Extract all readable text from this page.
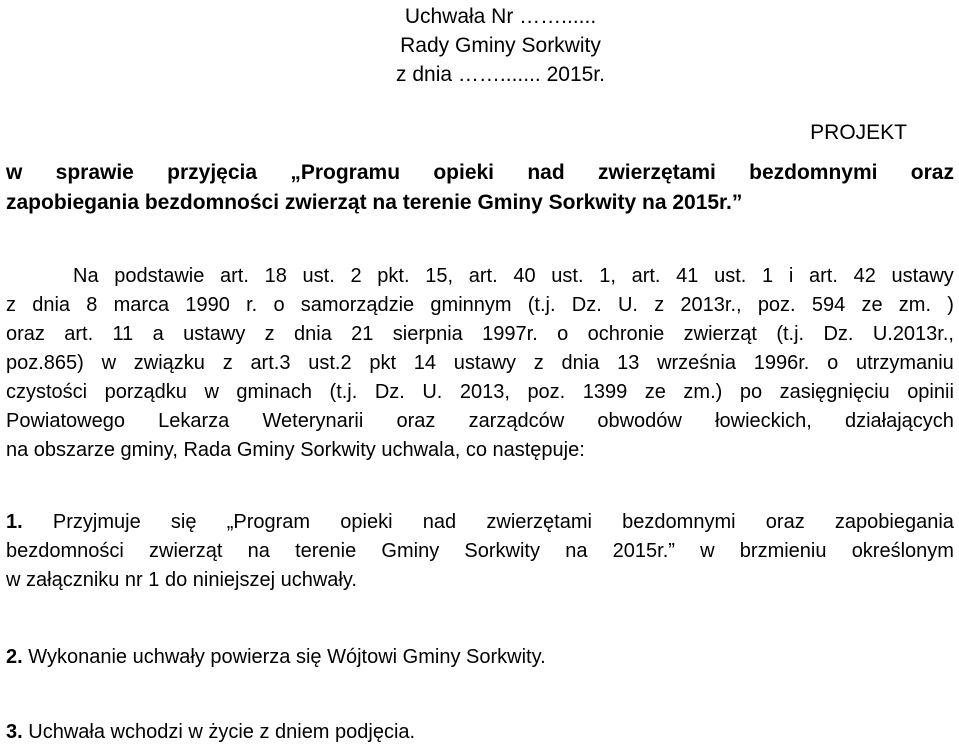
Uchwała Nr ……......
Rady Gminy Sorkwity
z dnia ……....... 2015r.
PROJEKT
w sprawie przyjęcia „Programu opieki nad zwierzętami bezdomnymi oraz
zapobiegania bezdomności zwierząt na terenie Gminy Sorkwity na 2015r.”
Na podstawie art. 18 ust. 2 pkt. 15, art. 40 ust. 1, art. 41 ust. 1 i art. 42 ustawy
z dnia 8 marca 1990 r. o samorządzie gminnym (t.j. Dz. U. z 2013r., poz. 594 ze zm. )
oraz art. 11 a ustawy z dnia 21 sierpnia 1997r. o ochronie zwierząt (t.j. Dz. U.2013r.,
poz.865) w związku z art.3 ust.2 pkt 14 ustawy z dnia 13 września 1996r. o utrzymaniu
czystości porządku w gminach (t.j. Dz. U. 2013, poz. 1399 ze zm.) po zasięgnięciu opinii
Powiatowego Lekarza Weterynarii oraz zarządców obwodów łowieckich, działających
na obszarze gminy, Rada Gminy Sorkwity uchwala, co następuje:
1. Przyjmuje się „Program opieki nad zwierzętami bezdomnymi oraz zapobiegania
bezdomności zwierząt na terenie Gminy Sorkwity na 2015r.” w brzmieniu określonym
w załączniku nr 1 do niniejszej uchwały.
2. Wykonanie uchwały powierza się Wójtowi Gminy Sorkwity.
3. Uchwała wchodzi w życie z dniem podjęcia.
